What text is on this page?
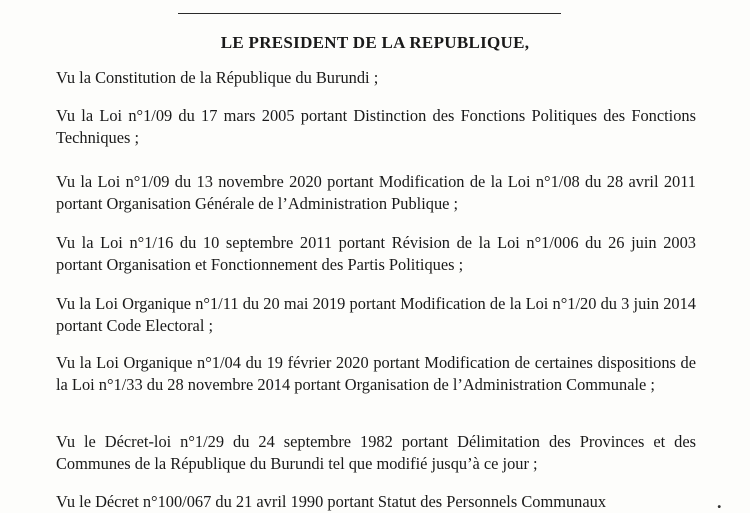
LE PRESIDENT DE LA REPUBLIQUE,

Vu la Constitution de la République du Burundi ;

Vu la Loi n°1/09 du 17 mars 2005 portant Distinction des Fonctions Politiques des Fonctions Techniques ;

Vu la Loi n°1/09 du 13 novembre 2020 portant Modification de la Loi n°1/08 du 28 avril 2011 portant Organisation Générale de l’Administration Publique ;

Vu la Loi n°1/16 du 10 septembre 2011 portant Révision de la Loi n°1/006 du 26 juin 2003 portant Organisation et Fonctionnement des Partis Politiques ;

Vu la Loi Organique n°1/11 du 20 mai 2019 portant Modification de la Loi n°1/20 du 3 juin 2014 portant Code Electoral ;

Vu la Loi Organique n°1/04 du 19 février 2020 portant Modification de certaines dispositions de la Loi n°1/33 du 28 novembre 2014 portant Organisation de l’Administration Communale ;

Vu le Décret-loi n°1/29 du 24 septembre 1982 portant Délimitation des Provinces et des Communes de la République du Burundi tel que modifié jusqu’à ce jour ;

Vu le Décret n°100/067 du 21 avril 1990 portant Statut des Personnels Communaux	.
